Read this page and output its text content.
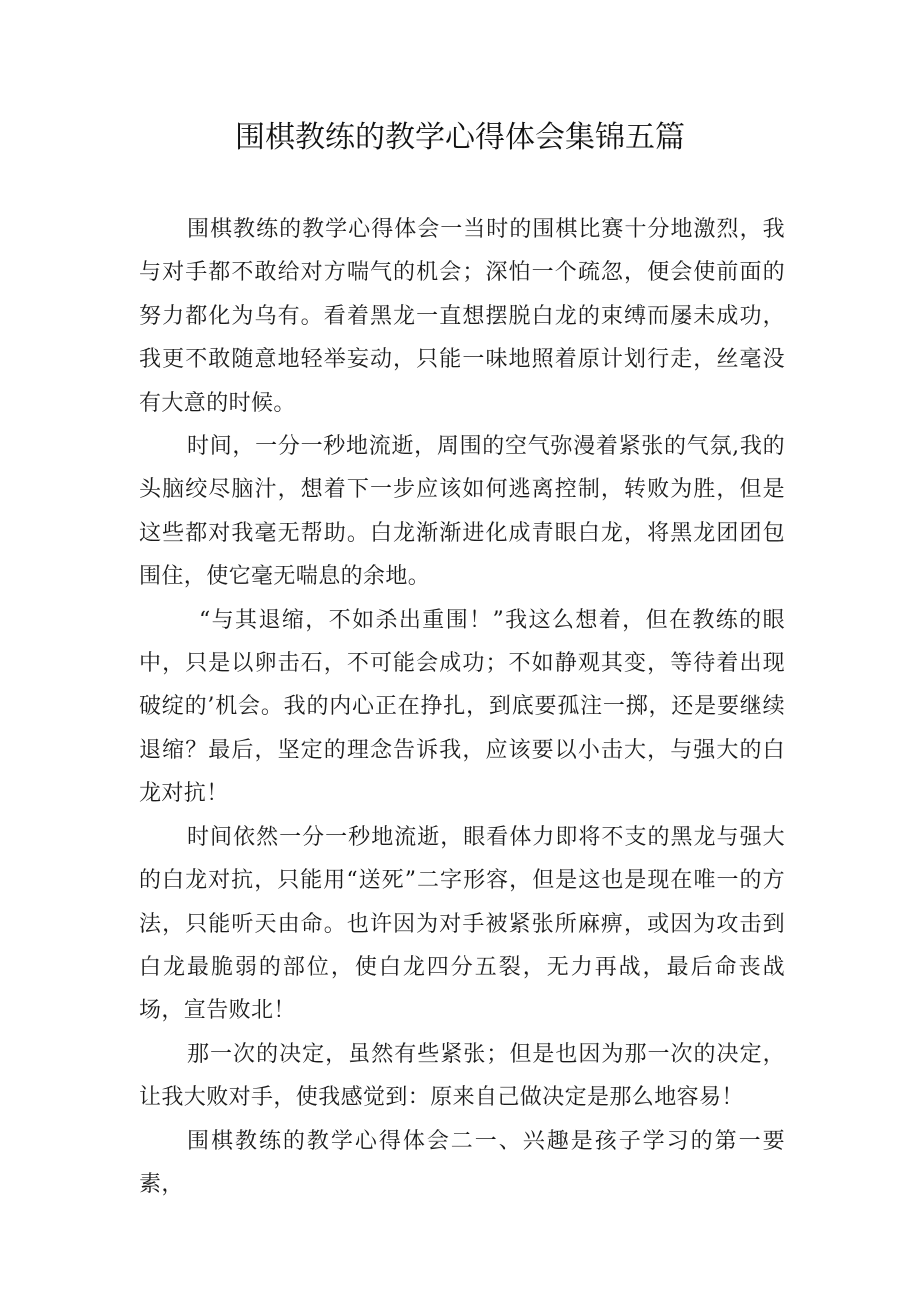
围棋教练的教学心得体会集锦五篇

围棋教练的教学心得体会一当时的围棋比赛十分地激烈，我与对手都不敢给对方喘气的机会；深怕一个疏忽，便会使前面的努力都化为乌有。看着黑龙一直想摆脱白龙的束缚而屡未成功，我更不敢随意地轻举妄动，只能一味地照着原计划行走，丝毫没有大意的时候。

时间，一分一秒地流逝，周围的空气弥漫着紧张的气氛,我的头脑绞尽脑汁，想着下一步应该如何逃离控制，转败为胜，但是这些都对我毫无帮助。白龙渐渐进化成青眼白龙，将黑龙团团包围住，使它毫无喘息的余地。

“与其退缩，不如杀出重围！”我这么想着，但在教练的眼中，只是以卵击石，不可能会成功；不如静观其变，等待着出现破绽的’机会。我的内心正在挣扎，到底要孤注一掷，还是要继续退缩？最后，坚定的理念告诉我，应该要以小击大，与强大的白龙对抗！

时间依然一分一秒地流逝，眼看体力即将不支的黑龙与强大的白龙对抗，只能用“送死”二字形容，但是这也是现在唯一的方法，只能听天由命。也许因为对手被紧张所麻痹，或因为攻击到白龙最脆弱的部位，使白龙四分五裂，无力再战，最后命丧战场，宣告败北！

那一次的决定，虽然有些紧张；但是也因为那一次的决定，让我大败对手，使我感觉到：原来自己做决定是那么地容易！

围棋教练的教学心得体会二一、兴趣是孩子学习的第一要素，
